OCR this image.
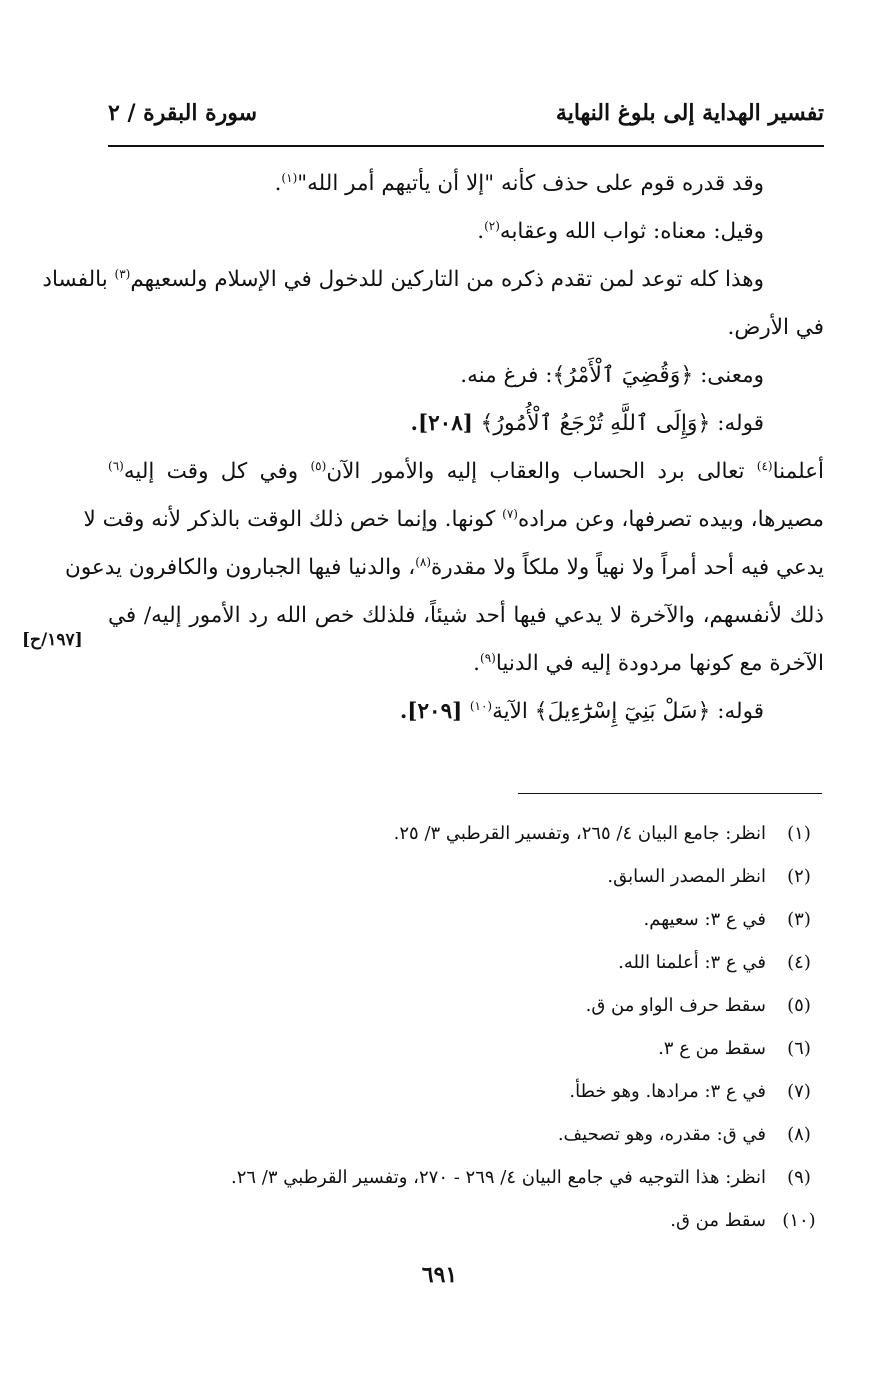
تفسير الهداية إلى بلوغ النهاية
سورة البقرة / ٢
وقد قدره قوم على حذف كأنه "إلا أن يأتيهم أمر الله"$^{(١)}$.
وقيل: معناه: ثواب الله وعقابه$^{(٢)}$.
وهذا كله توعد لمن تقدم ذكره من التاركين للدخول في الإسلام ولسعيهم$^{(٣)}$ بالفساد
في الأرض.
ومعنى: ﴿وَقُضِيَ ٱلْأَمْرُ﴾: فرغ منه.
قوله: ﴿وَإِلَى ٱللَّهِ تُرْجَعُ ٱلْأُمُورُ﴾ [٢٠٨].
أعلمنا$^{(٤)}$ تعالى برد الحساب والعقاب إليه والأمور الآن$^{(٥)}$ وفي كل وقت إليه$^{(٦)}$
مصيرها، وبيده تصرفها، وعن مراده$^{(٧)}$ كونها. وإنما خص ذلك الوقت بالذكر لأنه وقت لا
يدعي فيه أحد أمراً ولا نهياً ولا ملكاً ولا مقدرة$^{(٨)}$، والدنيا فيها الجبارون والكافرون يدعون
ذلك لأنفسهم، والآخرة لا يدعي فيها أحد شيئاً، فلذلك خص الله رد الأمور إليه/ في
الآخرة مع كونها مردودة إليه في الدنيا$^{(٩)}$.
قوله: ﴿سَلْ بَنِيٓ إِسْرَٰٓءِيلَ﴾ الآية$^{(١٠)}$ [٢٠٩].
[١٩٧/ح]
(١)انظر: جامع البيان ٤/ ٢٦٥، وتفسير القرطبي ٣/ ٢٥.
(٢)انظر المصدر السابق.
(٣)في ع ٣: سعيهم.
(٤)في ع ٣: أعلمنا الله.
(٥)سقط حرف الواو من ق.
(٦)سقط من ع ٣.
(٧)في ع ٣: مرادها. وهو خطأ.
(٨)في ق: مقدره، وهو تصحيف.
(٩)انظر: هذا التوجيه في جامع البيان ٤/ ٢٦٩ - ٢٧٠، وتفسير القرطبي ٣/ ٢٦.
(١٠)سقط من ق.
٦٩١
